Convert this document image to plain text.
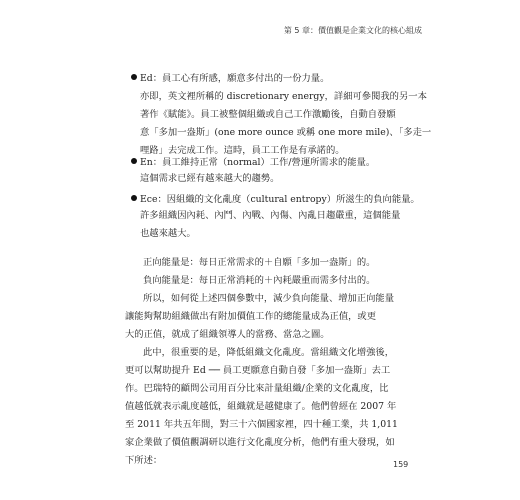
第 5 章：價值觀是企業文化的核心組成
Ed：員工心有所感，願意多付出的一份力量。

亦即，英文裡所稱的 discretionary energy，詳細可參閱我的另一本

著作《賦能》。員工被整個組織或自己工作激勵後，自動自發願

意「多加一盎斯」(one more ounce 或稱 one more mile)、「多走一

哩路」去完成工作。這時，員工工作是有承諾的。

En：員工維持正常（normal）工作/營運所需求的能量。

這個需求已經有越來越大的趨勢。

Ece：因組織的文化亂度（cultural entropy）所滋生的負向能量。

許多組織因內耗、內鬥、內戰、內傷、內亂日趨嚴重，這個能量

也越來越大。

正向能量是：每日正常需求的＋自願「多加一盎斯」的。

負向能量是：每日正常消耗的＋內耗嚴重而需多付出的。

所以，如何從上述四個參數中，減少負向能量、增加正向能量

讓能夠幫助組織做出有附加價值工作的總能量成為正值，或更

大的正值，就成了組織領導人的當務、當急之圖。

此中，很重要的是，降低組織文化亂度。當組織文化增強後，

更可以幫助提升 Ed ── 員工更願意自動自發「多加一盎斯」去工

作。巴瑞特的顧問公司用百分比來計量組織/企業的文化亂度，比

值越低就表示亂度越低，組織就是越健康了。他們曾經在 2007 年

至 2011 年共五年間，對三十六個國家裡，四十種工業，共 1,011

家企業做了價值觀調研以進行文化亂度分析，他們有重大發現，如

下所述：	159
